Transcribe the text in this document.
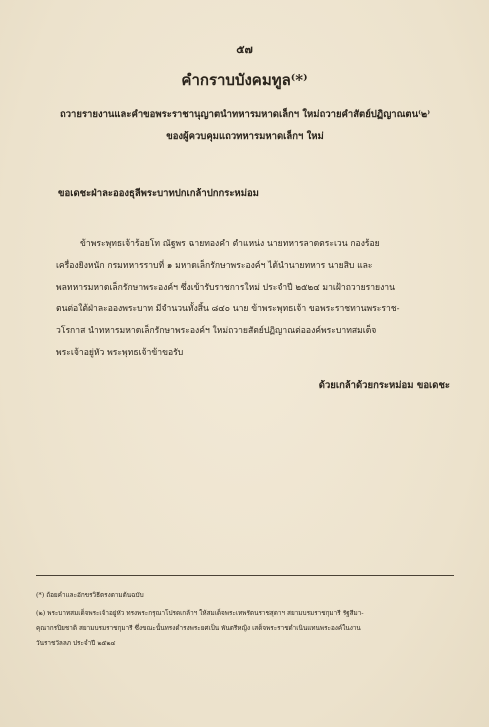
๕๗
คำกราบบังคมทูล⁽*⁾
ถวายรายงานและคำขอพระราชานุญาตนำทหารมหาดเล็กฯ ใหม่ถวายคำสัตย์ปฏิญาณตน⁽๒⁾
ของผู้ควบคุมแถวทหารมหาดเล็กฯ ใหม่
ขอเดชะฝ่าละอองธุลีพระบาทปกเกล้าปกกระหม่อม
ข้าพระพุทธเจ้าร้อยโท ณัฐพร ฉายทองคำ ตำแหน่ง นายทหารลาดตระเวน กองร้อย
เครื่องยิงหนัก กรมทหารราบที่ ๑ มหาดเล็กรักษาพระองค์ฯ ได้นำนายทหาร นายสิบ และ
พลทหารมหาดเล็กรักษาพระองค์ฯ ซึ่งเข้ารับราชการใหม่ ประจำปี ๒๕๒๔ มาเฝ้าถวายรายงาน
ตนต่อใต้ฝ่าละอองพระบาท มีจำนวนทั้งสิ้น ๘๔๐ นาย ข้าพระพุทธเจ้า ขอพระราชทานพระราช-
วโรกาส นำทหารมหาดเล็กรักษาพระองค์ฯ ใหม่ถวายสัตย์ปฏิญาณต่อองค์พระบาทสมเด็จ
พระเจ้าอยู่หัว พระพุทธเจ้าข้าขอรับ
ด้วยเกล้าด้วยกระหม่อม ขอเดชะ
(*) ถ้อยคำและอักขรวิธีตรงตามต้นฉบับ
(๒) พระบาทสมเด็จพระเจ้าอยู่หัว ทรงพระกรุณาโปรดเกล้าฯ ให้สมเด็จพระเทพรัตนราชสุดาฯ สยามบรมราชกุมารี รัฐสีมา-
คุณากรปิยชาติ สยามบรมราชกุมารี ซึ่งขณะนั้นทรงดำรงพระยศเป็น พันตรีหญิง เสด็จพระราชดำเนินแทนพระองค์ในงาน
วันราชวัลลภ ประจำปี ๒๕๒๔
